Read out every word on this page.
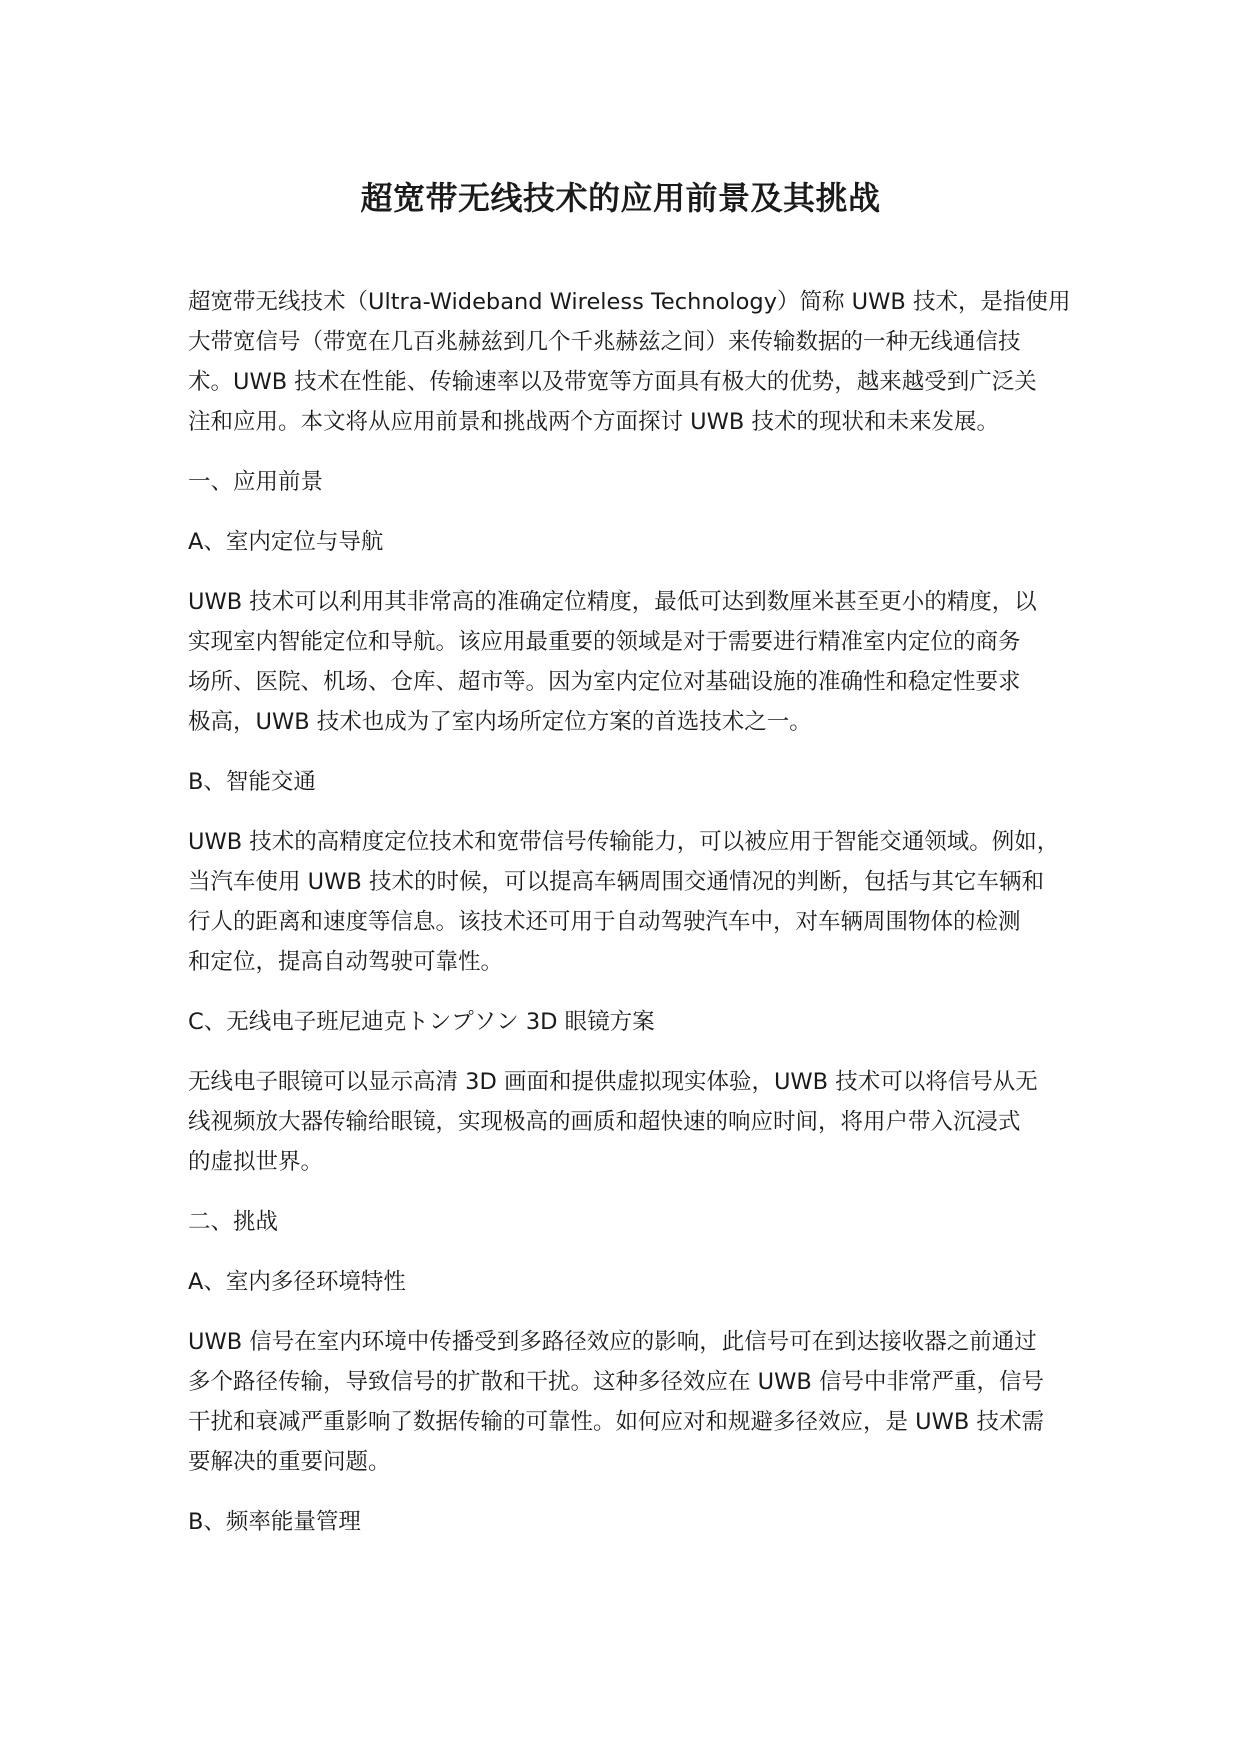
超宽带无线技术的应用前景及其挑战

超宽带无线技术（Ultra-Wideband Wireless Technology）简称 UWB 技术，是指使用
大带宽信号（带宽在几百兆赫兹到几个千兆赫兹之间）来传输数据的一种无线通信技
术。UWB 技术在性能、传输速率以及带宽等方面具有极大的优势，越来越受到广泛关
注和应用。本文将从应用前景和挑战两个方面探讨 UWB 技术的现状和未来发展。

一、应用前景

A、室内定位与导航

UWB 技术可以利用其非常高的准确定位精度，最低可达到数厘米甚至更小的精度，以
实现室内智能定位和导航。该应用最重要的领域是对于需要进行精准室内定位的商务
场所、医院、机场、仓库、超市等。因为室内定位对基础设施的准确性和稳定性要求
极高，UWB 技术也成为了室内场所定位方案的首选技术之一。

B、智能交通

UWB 技术的高精度定位技术和宽带信号传输能力，可以被应用于智能交通领域。例如，
当汽车使用 UWB 技术的时候，可以提高车辆周围交通情况的判断，包括与其它车辆和
行人的距离和速度等信息。该技术还可用于自动驾驶汽车中，对车辆周围物体的检测
和定位，提高自动驾驶可靠性。

C、无线电子班尼迪克トンプソン 3D 眼镜方案

无线电子眼镜可以显示高清 3D 画面和提供虚拟现实体验，UWB 技术可以将信号从无
线视频放大器传输给眼镜，实现极高的画质和超快速的响应时间，将用户带入沉浸式
的虚拟世界。

二、挑战

A、室内多径环境特性

UWB 信号在室内环境中传播受到多路径效应的影响，此信号可在到达接收器之前通过
多个路径传输，导致信号的扩散和干扰。这种多径效应在 UWB 信号中非常严重，信号
干扰和衰减严重影响了数据传输的可靠性。如何应对和规避多径效应，是 UWB 技术需
要解决的重要问题。

B、频率能量管理
